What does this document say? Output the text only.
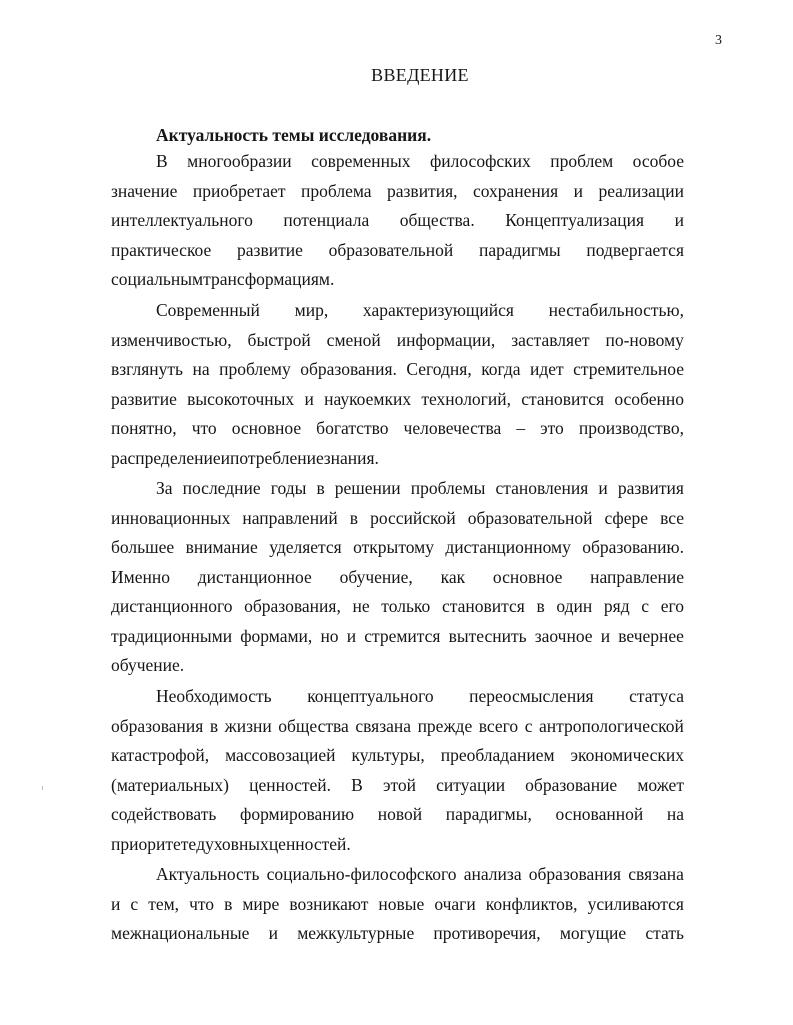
3
ВВЕДЕНИЕ
Актуальность темы исследования.
В многообразии современных философских проблем особое
значение приобретает проблема развития, сохранения и реализации
интеллектуального потенциала общества. Концептуализация и
практическое развитие образовательной парадигмы подвергается
социальнымтрансформациям.
Современный мир, характеризующийся нестабильностью,
изменчивостью, быстрой сменой информации, заставляет по-новому
взглянуть на проблему образования. Сегодня, когда идет стремительное
развитие высокоточных и наукоемких технологий, становится особенно
понятно, что основное богатство человечества – это производство,
распределениеипотреблениезнания.
За последние годы в решении проблемы становления и развития
инновационных направлений в российской образовательной сфере все
большее внимание уделяется открытому дистанционному образованию.
Именно дистанционное обучение, как основное направление
дистанционного образования, не только становится в один ряд с его
традиционными формами, но и стремится вытеснить заочное и вечернее
обучение.
Необходимость концептуального переосмысления статуса
образования в жизни общества связана прежде всего с антропологической
катастрофой, массовозацией культуры, преобладанием экономических
(материальных) ценностей. В этой ситуации образование может
содействовать формированию новой парадигмы, основанной на
приоритетедуховныхценностей.
Актуальность социально-философского анализа образования связана
и с тем, что в мире возникают новые очаги конфликтов, усиливаются
межнациональные и межкультурные противоречия, могущие стать
